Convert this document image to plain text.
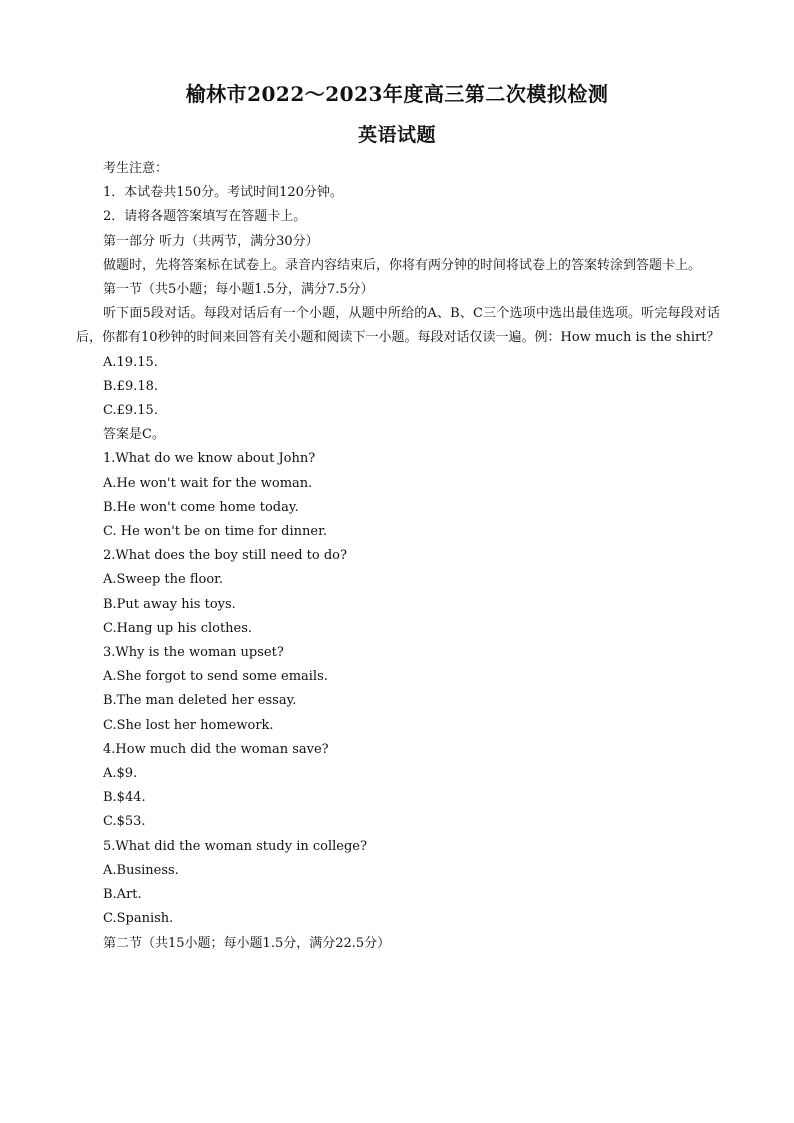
榆林市2022～2023年度高三第二次模拟检测
英语试题

考生注意：

1．本试卷共150分。考试时间120分钟。

2．请将各题答案填写在答题卡上。

第一部分 听力（共两节，满分30分）

做题时，先将答案标在试卷上。录音内容结束后，你将有两分钟的时间将试卷上的答案转涂到答题卡上。

第一节（共5小题；每小题1.5分，满分7.5分）

听下面5段对话。每段对话后有一个小题，从题中所给的A、B、C三个选项中选出最佳选项。听完每段对话后，你都有10秒钟的时间来回答有关小题和阅读下一小题。每段对话仅读一遍。例：How much is the shirt？

A.19.15.

B.£9.18.

C.£9.15.

答案是C。

1.What do we know about John?

A.He won't wait for the woman.

B.He won't come home today.

C. He won't be on time for dinner.

2.What does the boy still need to do?

A.Sweep the floor.

B.Put away his toys.

C.Hang up his clothes.

3.Why is the woman upset?

A.She forgot to send some emails.

B.The man deleted her essay.

C.She lost her homework.

4.How much did the woman save?

A.$9.

B.$44.

C.$53.

5.What did the woman study in college?

A.Business.

B.Art.

C.Spanish.

第二节（共15小题；每小题1.5分，满分22.5分）
